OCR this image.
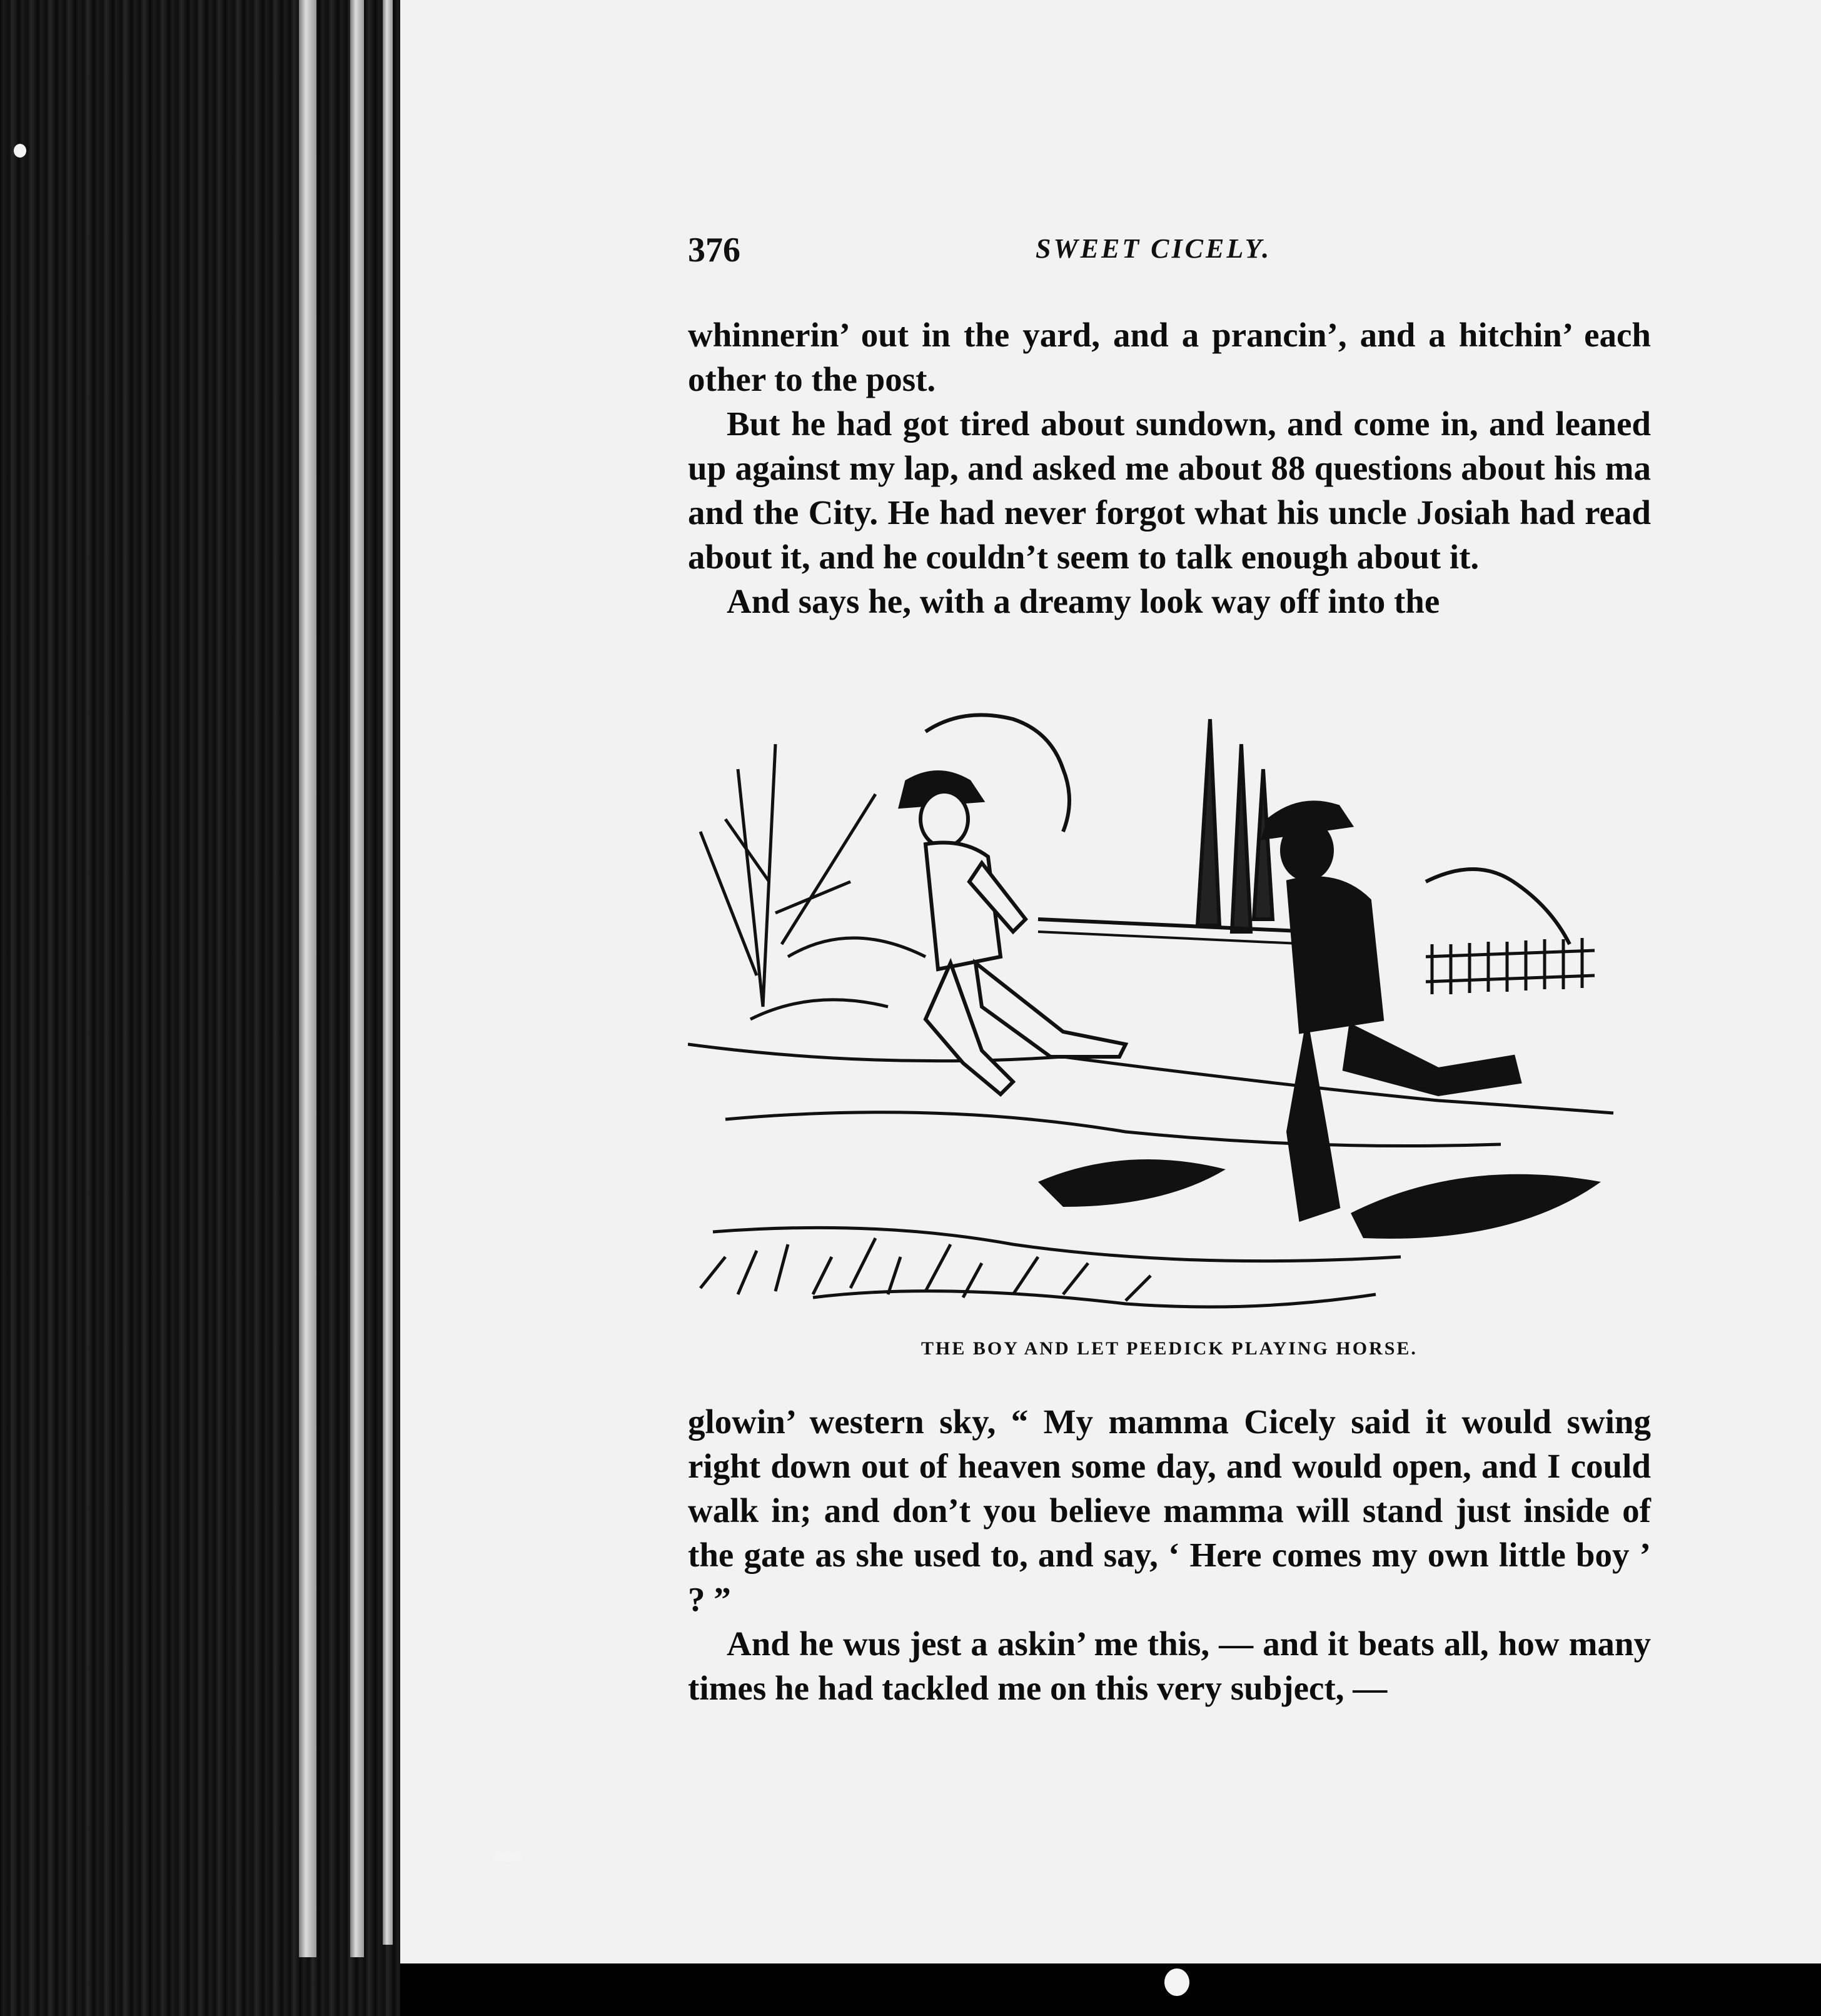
376	SWEET CICELY.

whinnerin’ out in the yard, and a prancin’, and a hitchin’ each other to the post.

But he had got tired about sundown, and come in, and leaned up against my lap, and asked me about 88 questions about his ma and the City. He had never forgot what his uncle Josiah had read about it, and he couldn’t seem to talk enough about it.

And says he, with a dreamy look way off into the

THE BOY AND LET PEEDICK PLAYING HORSE.

glowin’ western sky, “ My mamma Cicely said it would swing right down out of heaven some day, and would open, and I could walk in; and don’t you believe mamma will stand just inside of the gate as she used to, and say, ‘ Here comes my own little boy ’ ? ”

And he wus jest a askin’ me this, — and it beats all, how many times he had tackled me on this very subject, —
